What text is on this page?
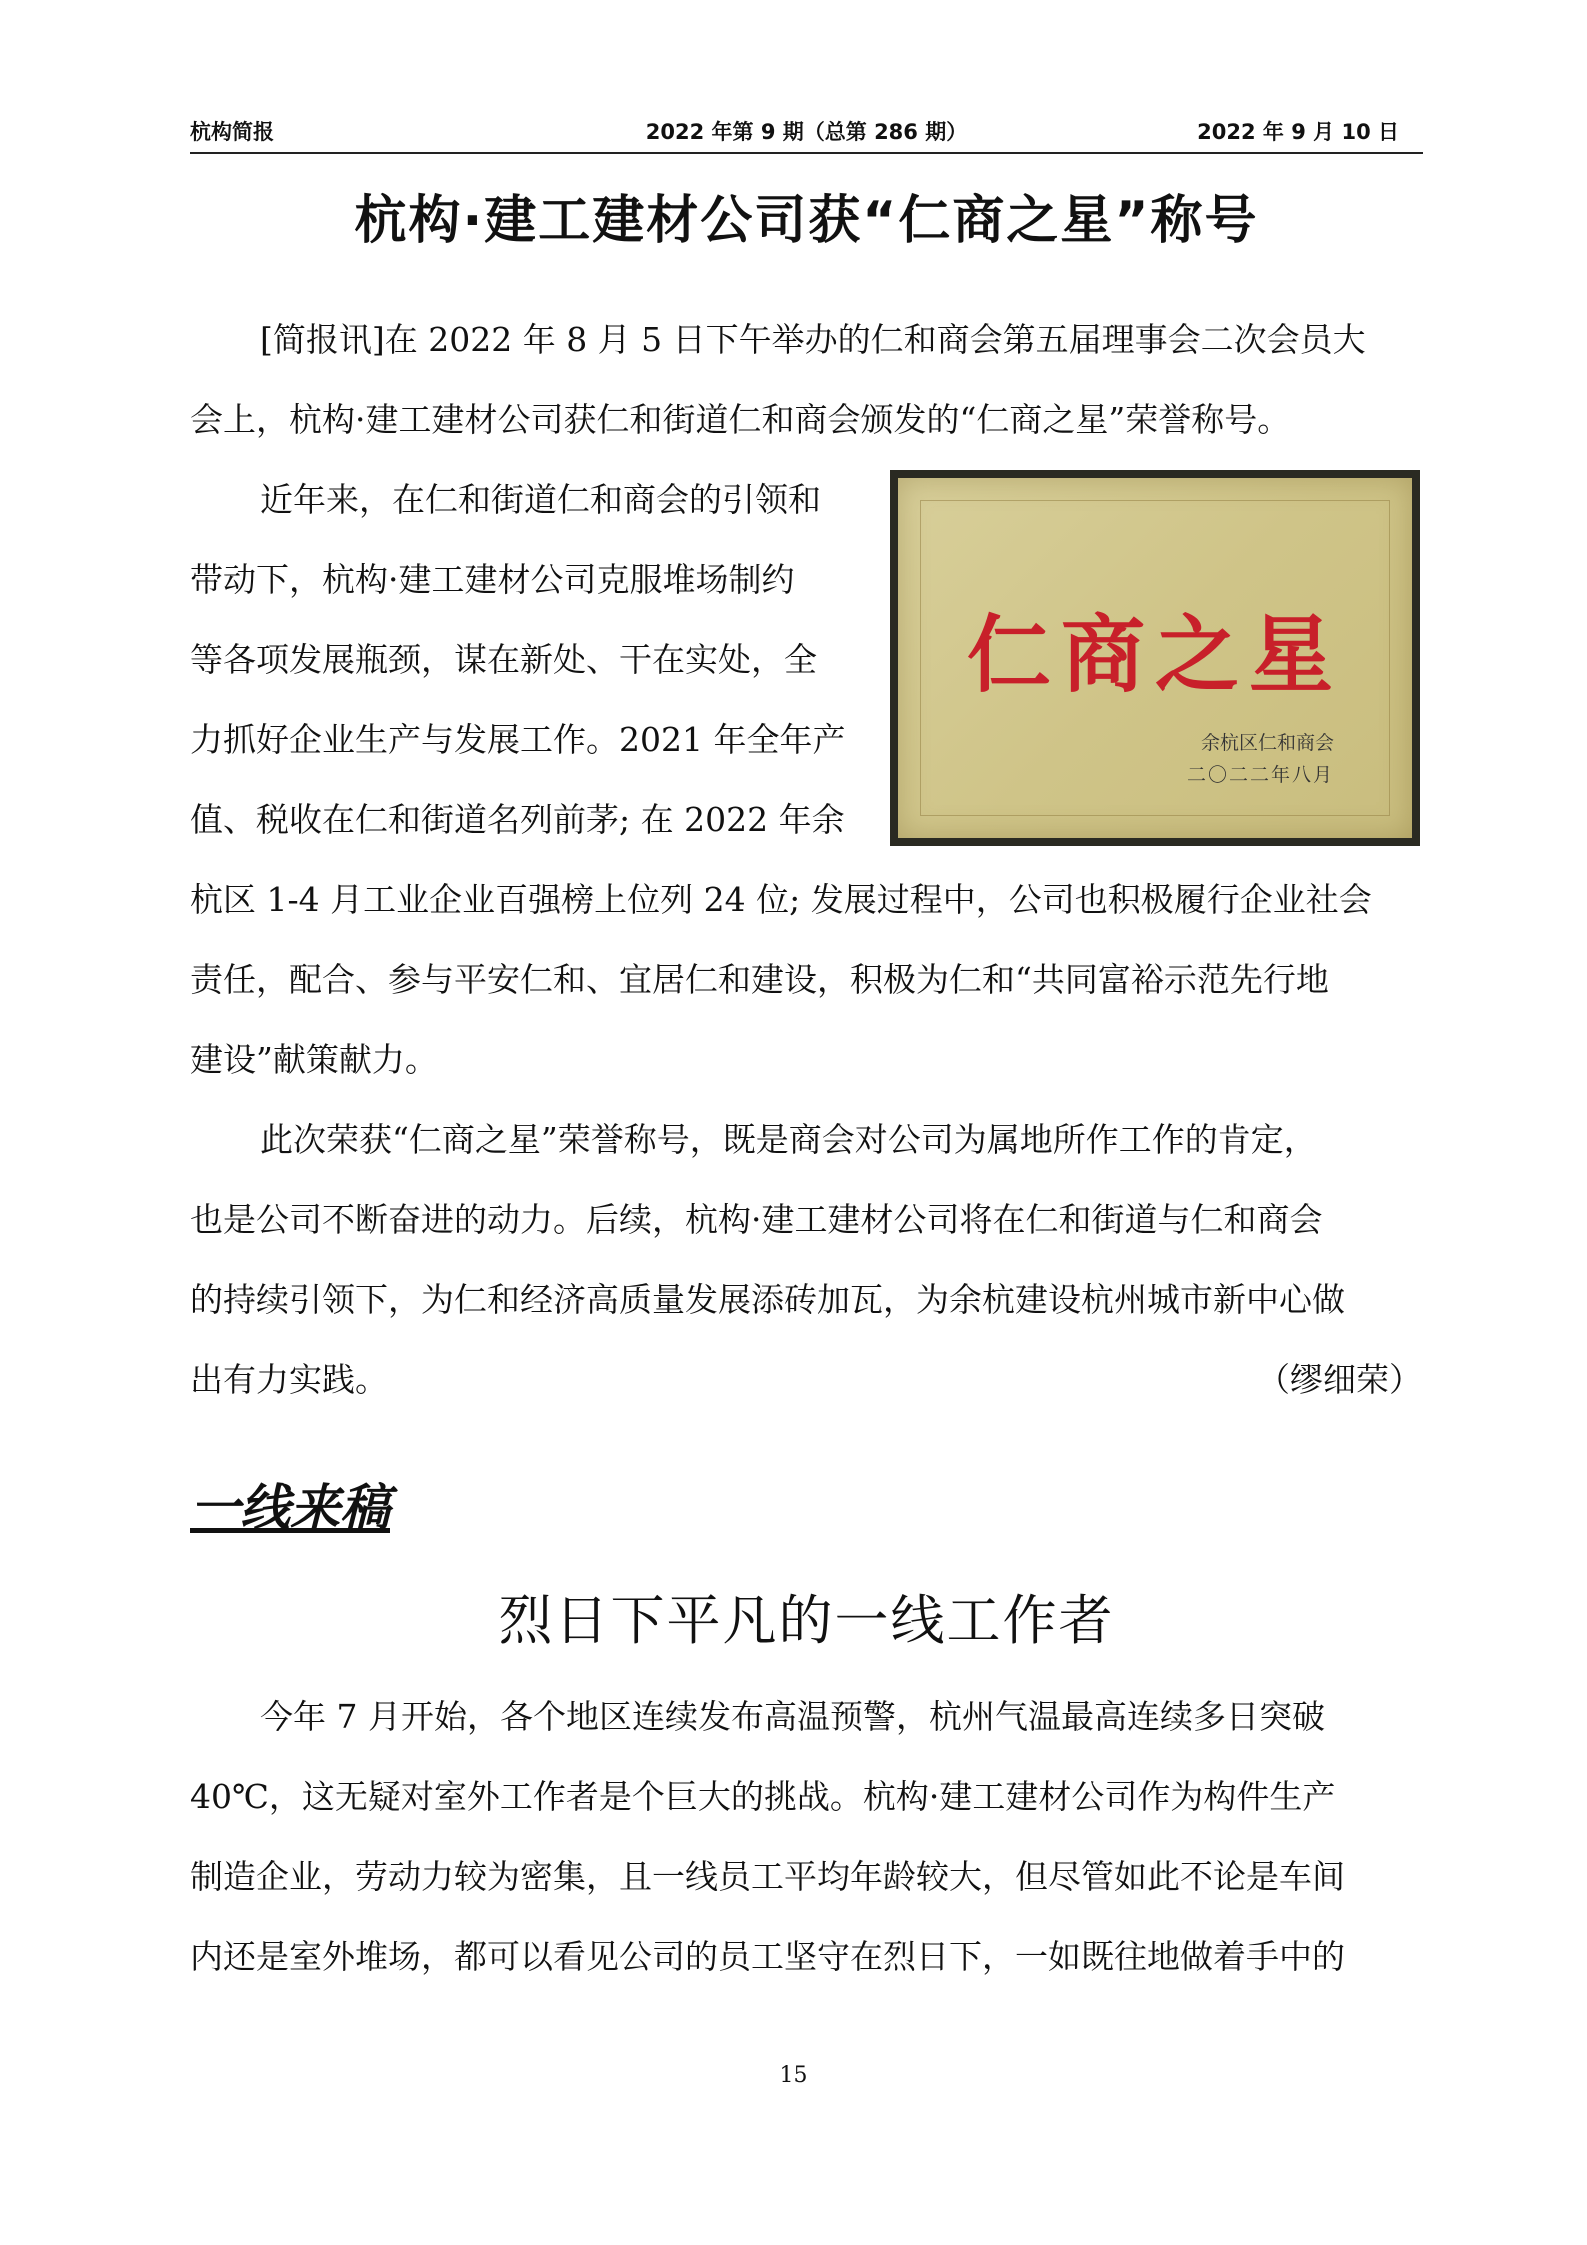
杭构简报	2022 年第 9 期（总第 286 期）	2022 年 9 月 10 日
杭构·建工建材公司获“仁商之星”称号
[简报讯]在 2022 年 8 月 5 日下午举办的仁和商会第五届理事会二次会员大
会上，杭构·建工建材公司获仁和街道仁和商会颁发的“仁商之星”荣誉称号。
近年来，在仁和街道仁和商会的引领和
带动下，杭构·建工建材公司克服堆场制约
等各项发展瓶颈，谋在新处、干在实处，全
力抓好企业生产与发展工作。2021 年全年产
值、税收在仁和街道名列前茅; 在 2022 年余
杭区 1-4 月工业企业百强榜上位列 24 位; 发展过程中，公司也积极履行企业社会
责任，配合、参与平安仁和、宜居仁和建设，积极为仁和“共同富裕示范先行地
建设”献策献力。
此次荣获“仁商之星”荣誉称号，既是商会对公司为属地所作工作的肯定，
也是公司不断奋进的动力。后续，杭构·建工建材公司将在仁和街道与仁和商会
的持续引领下，为仁和经济高质量发展添砖加瓦，为余杭建设杭州城市新中心做
出有力实践。	（缪细荣）
仁商之星
余杭区仁和商会
二〇二二年八月
一线来稿
烈日下平凡的一线工作者
今年 7 月开始，各个地区连续发布高温预警，杭州气温最高连续多日突破
40℃，这无疑对室外工作者是个巨大的挑战。杭构·建工建材公司作为构件生产
制造企业，劳动力较为密集，且一线员工平均年龄较大，但尽管如此不论是车间
内还是室外堆场，都可以看见公司的员工坚守在烈日下，一如既往地做着手中的
15
